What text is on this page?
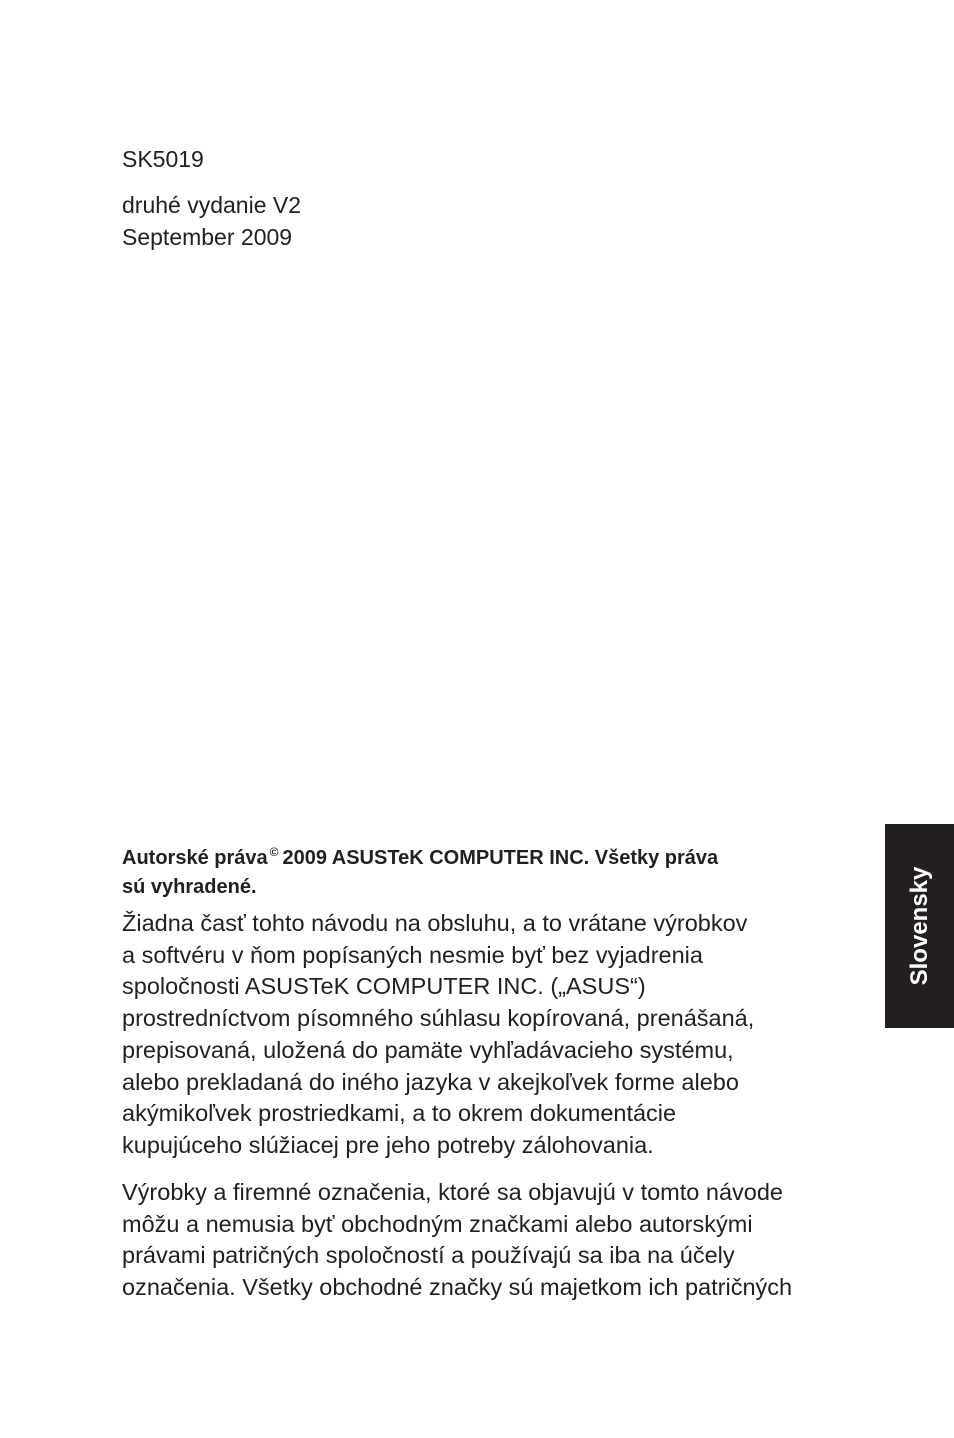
SK5019

druhé vydanie V2
September 2009
Autorské práva © 2009 ASUSTeK COMPUTER INC. Všetky práva
sú vyhradené.
Žiadna časť tohto návodu na obsluhu, a to vrátane výrobkov
a softvéru v ňom popísaných nesmie byť bez vyjadrenia
spoločnosti ASUSTeK COMPUTER INC. („ASUS“)
prostredníctvom písomného súhlasu kopírovaná, prenášaná,
prepisovaná, uložená do pamäte vyhľadávacieho systému,
alebo prekladaná do iného jazyka v akejkoľvek forme alebo
akýmikoľvek prostriedkami, a to okrem dokumentácie
kupujúceho slúžiacej pre jeho potreby zálohovania.
Výrobky a firemné označenia, ktoré sa objavujú v tomto návode
môžu a nemusia byť obchodným značkami alebo autorskými
právami patričných spoločností a používajú sa iba na účely
označenia. Všetky obchodné značky sú majetkom ich patričných
Slovensky
